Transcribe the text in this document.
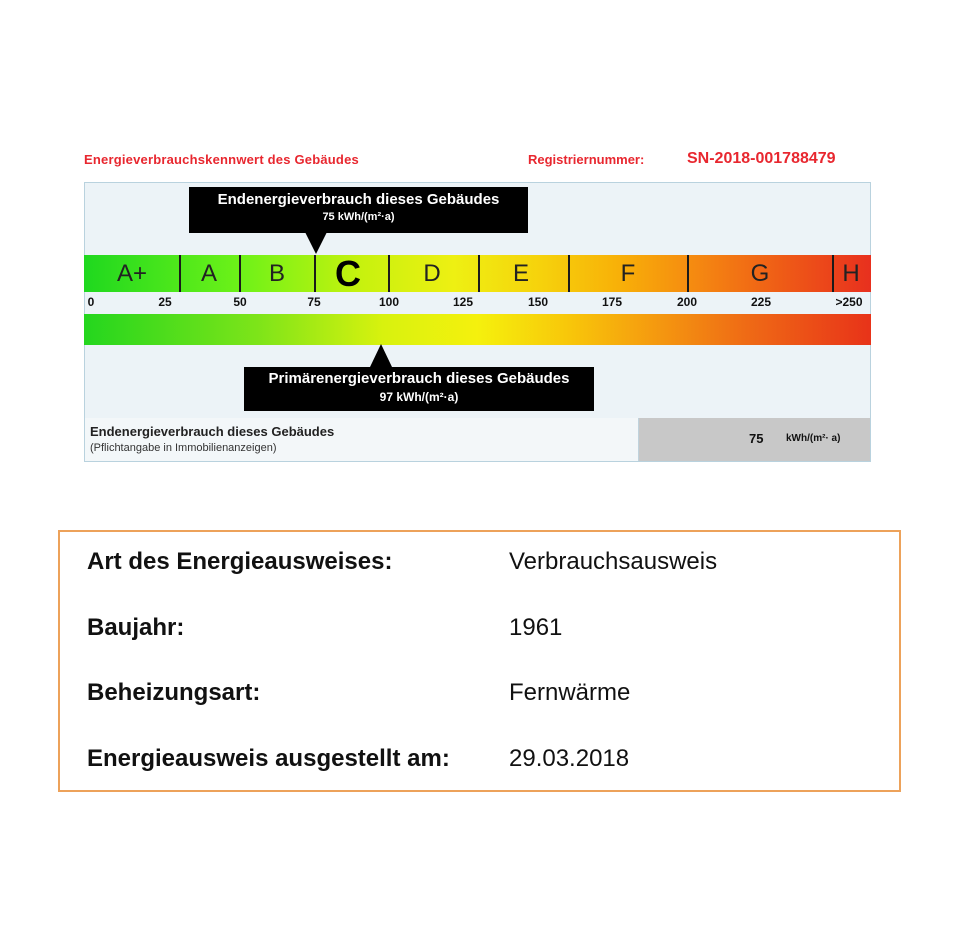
Energieverbrauchskennwert des Gebäudes	Registriernummer:	SN-2018-001788479
Endenergieverbrauch dieses Gebäudes
75 kWh/(m²·a)
A+ A B C	D	E	F	G	H
0	25	50	75	100	125	150	175	200	225	>250
Primärenergieverbrauch dieses Gebäudes
97 kWh/(m²·a)
Endenergieverbrauch dieses Gebäudes
(Pflichtangabe in Immobilienanzeigen)
75 kWh/(m²· a)
Art des Energieausweises:	Verbrauchsausweis
Baujahr:	1961
Beheizungsart:	Fernwärme
Energieausweis ausgestellt am: 29.03.2018
